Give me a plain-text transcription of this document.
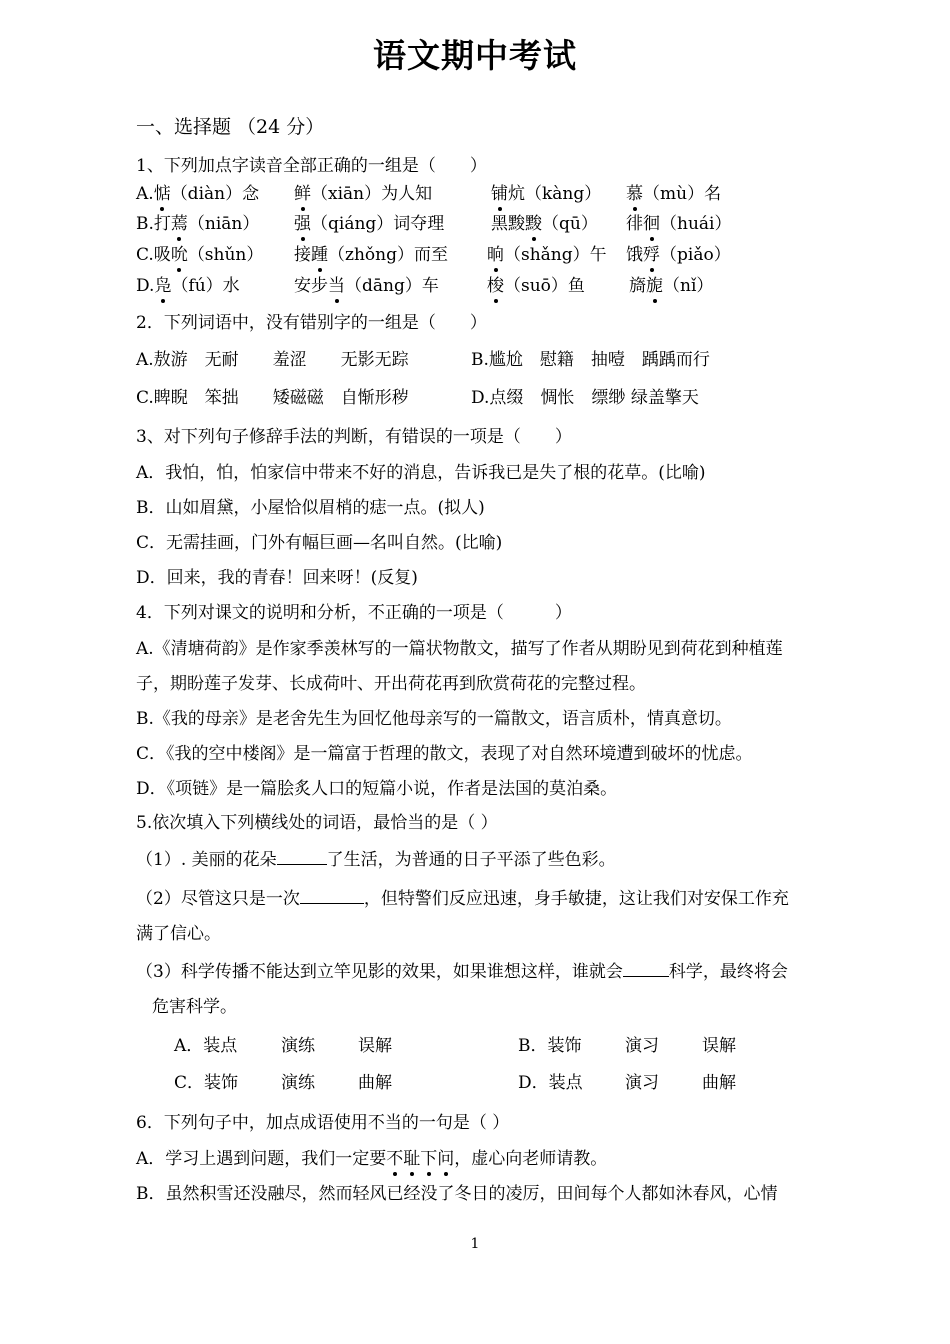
语文期中考试
一、选择题 （24 分）
1、下列加点字读音全部正确的一组是（　　）
A.惦（diàn）念 鲜（xiān）为人知	铺炕（kàng） 慕（mù）名
B.打蔫（niān） 强（qiáng）词夺理	黑黢黢（qū） 徘徊（huái）
C.吸吮（shǔn） 接踵（zhǒng）而至 晌（shǎng）午 饿殍（piǎo）
D.凫（fú）水	安步当（dāng）车	梭（suō）鱼	旖旎（nǐ）
2．下列词语中，没有错别字的一组是（　　）
A.敖游　无耐　　羞涩　　无影无踪	B.尴尬　慰籍　抽噎　踽踽而行
C.睥睨　笨拙　　矮磁磁　自惭形秽	D.点缀　惆怅　缥缈 绿盖擎天
3、对下列句子修辞手法的判断，有错误的一项是（　　）
A．我怕，怕，怕家信中带来不好的消息，告诉我已是失了根的花草。(比喻)
B．山如眉黛，小屋恰似眉梢的痣一点。(拟人)
C．无需挂画，门外有幅巨画—名叫自然。(比喻)
D．回来，我的青春！回来呀！(反复)
4．下列对课文的说明和分析，不正确的一项是（　　　）
A.《清塘荷韵》是作家季羡林写的一篇状物散文，描写了作者从期盼见到荷花到种植莲
子，期盼莲子发芽、长成荷叶、开出荷花再到欣赏荷花的完整过程。
B.《我的母亲》是老舍先生为回忆他母亲写的一篇散文，语言质朴，情真意切。
C．《我的空中楼阁》是一篇富于哲理的散文，表现了对自然环境遭到破坏的忧虑。
D．《项链》是一篇脍炙人口的短篇小说，作者是法国的莫泊桑。
5.依次填入下列横线处的词语，最恰当的是（ ）
（1）. 美丽的花朵	了生活，为普通的日子平添了些色彩。
（2）尽管这只是一次	，但特警们反应迅速，身手敏捷，这让我们对安保工作充
满了信心。
（3）科学传播不能达到立竿见影的效果，如果谁想这样，谁就会	科学，最终将会
危害科学。
A．装点	演练	误解	B．装饰	演习	误解
C．装饰	演练	曲解	D．装点 演习	曲解
6．下列句子中，加点成语使用不当的一句是（ ）
A．学习上遇到问题，我们一定要不耻下问，虚心向老师请教。
B．虽然积雪还没融尽，然而轻风已经没了冬日的凌厉，田间每个人都如沐春风，心情
1
